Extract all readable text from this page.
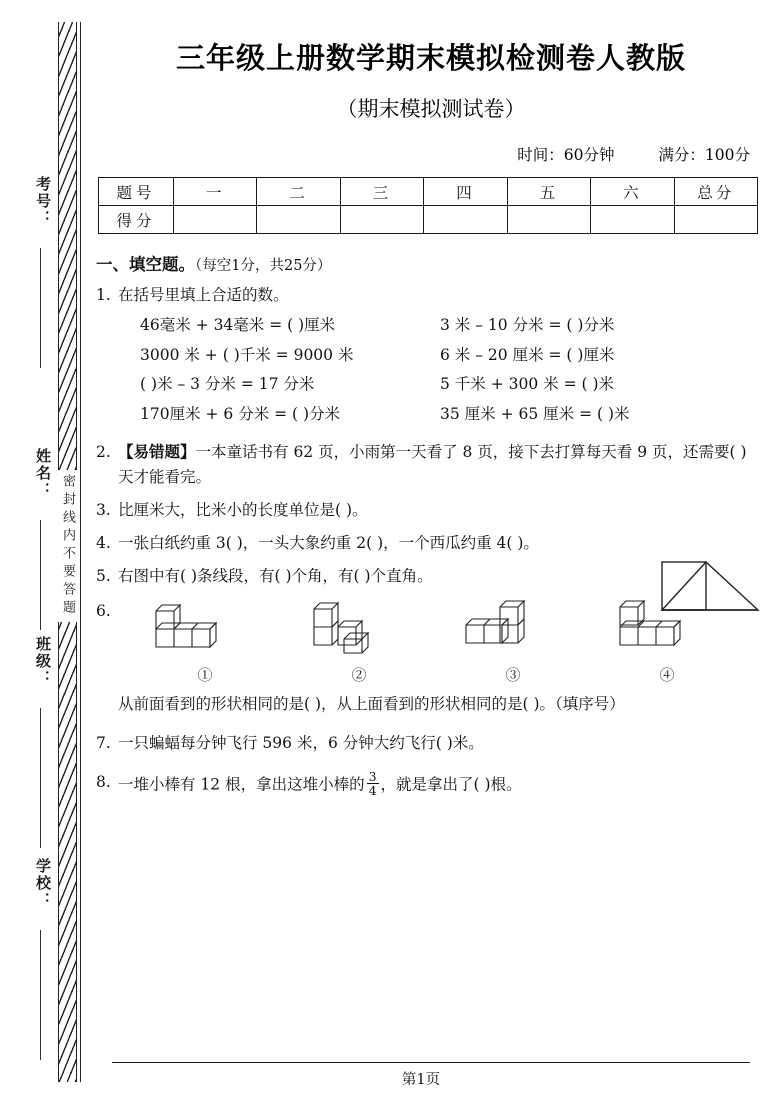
考号：
姓名：
班级：
学校：
密封线内不要答题
三年级上册数学期末模拟检测卷人教版
（期末模拟测试卷）
时间：60分钟	满分：100分
题号	一	二	三	四	五	六	总分
得分							
一、填空题。（每空1分，共25分）
1. 在括号里填上合适的数。
46毫米 + 34毫米 = ( )厘米	3 米 – 10 分米 = ( )分米
3000 米 + ( )千米 = 9000 米	6 米 – 20 厘米 = ( )厘米
( )米 – 3 分米 = 17 分米	5 千米 + 300 米 = ( )米
170厘米 + 6 分米 = ( )分米	35 厘米 + 65 厘米 = ( )米
2. 【易错题】一本童话书有 62 页，小雨第一天看了 8 页，接下去打算每天看 9 页，还需要( )天才能看完。
3. 比厘米大，比米小的长度单位是( )。
4. 一张白纸约重 3( )，一头大象约重 2( )，一个西瓜约重 4( )。
5. 右图中有( )条线段，有( )个角，有( )个直角。
6.
①	②	③	④
从前面看到的形状相同的是( )，从上面看到的形状相同的是( )。（填序号）
7. 一只蝙蝠每分钟飞行 596 米，6 分钟大约飞行( )米。
8. 一堆小棒有 12 根，拿出这堆小棒的 $\frac{3}{4}$ ，就是拿出了( )根。
第1页
